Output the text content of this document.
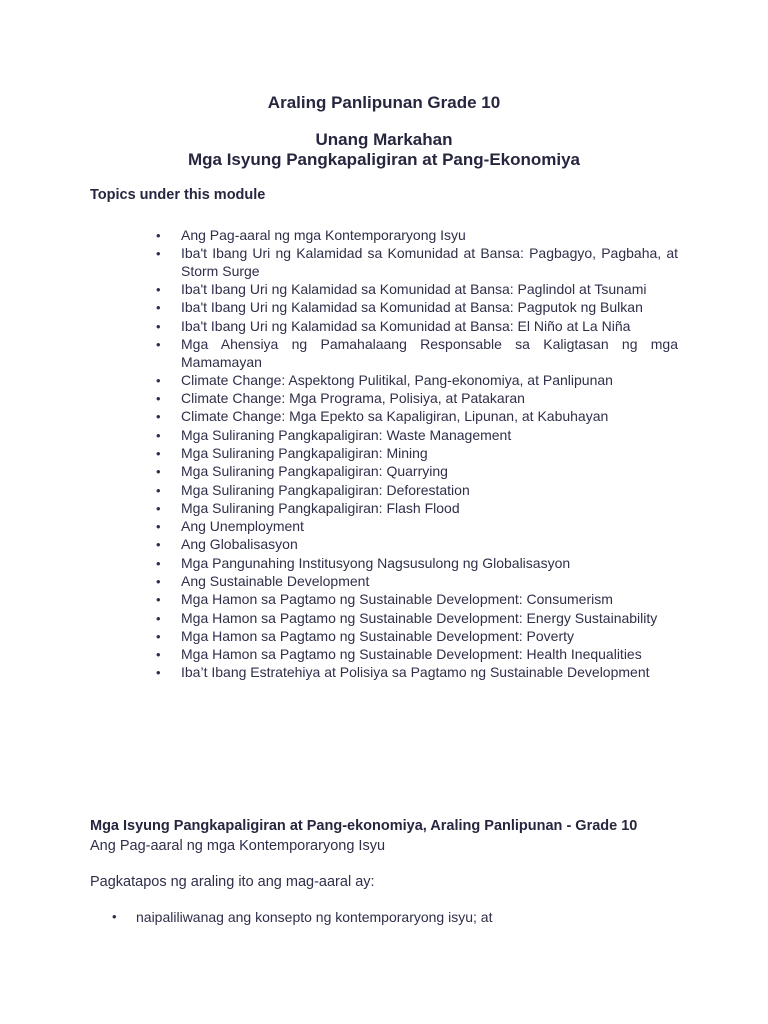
Araling Panlipunan Grade 10
Unang Markahan
Mga Isyung Pangkapaligiran at Pang-Ekonomiya
Topics under this module
• Ang Pag-aaral ng mga Kontemporaryong Isyu
• Iba't Ibang Uri ng Kalamidad sa Komunidad at Bansa: Pagbagyo, Pagbaha, at Storm Surge
• Iba't Ibang Uri ng Kalamidad sa Komunidad at Bansa: Paglindol at Tsunami
• Iba't Ibang Uri ng Kalamidad sa Komunidad at Bansa: Pagputok ng Bulkan
• Iba't Ibang Uri ng Kalamidad sa Komunidad at Bansa: El Niño at La Niña
• Mga Ahensiya ng Pamahalaang Responsable sa Kaligtasan ng mga Mamamayan
• Climate Change: Aspektong Pulitikal, Pang-ekonomiya, at Panlipunan
• Climate Change: Mga Programa, Polisiya, at Patakaran
• Climate Change: Mga Epekto sa Kapaligiran, Lipunan, at Kabuhayan
• Mga Suliraning Pangkapaligiran: Waste Management
• Mga Suliraning Pangkapaligiran: Mining
• Mga Suliraning Pangkapaligiran: Quarrying
• Mga Suliraning Pangkapaligiran: Deforestation
• Mga Suliraning Pangkapaligiran: Flash Flood
• Ang Unemployment
• Ang Globalisasyon
• Mga Pangunahing Institusyong Nagsusulong ng Globalisasyon
• Ang Sustainable Development
• Mga Hamon sa Pagtamo ng Sustainable Development: Consumerism
• Mga Hamon sa Pagtamo ng Sustainable Development: Energy Sustainability
• Mga Hamon sa Pagtamo ng Sustainable Development: Poverty
• Mga Hamon sa Pagtamo ng Sustainable Development: Health Inequalities
• Iba’t Ibang Estratehiya at Polisiya sa Pagtamo ng Sustainable Development
Mga Isyung Pangkapaligiran at Pang-ekonomiya, Araling Panlipunan - Grade 10
Ang Pag-aaral ng mga Kontemporaryong Isyu
Pagkatapos ng araling ito ang mag-aaral ay:
• naipaliliwanag ang konsepto ng kontemporaryong isyu; at
